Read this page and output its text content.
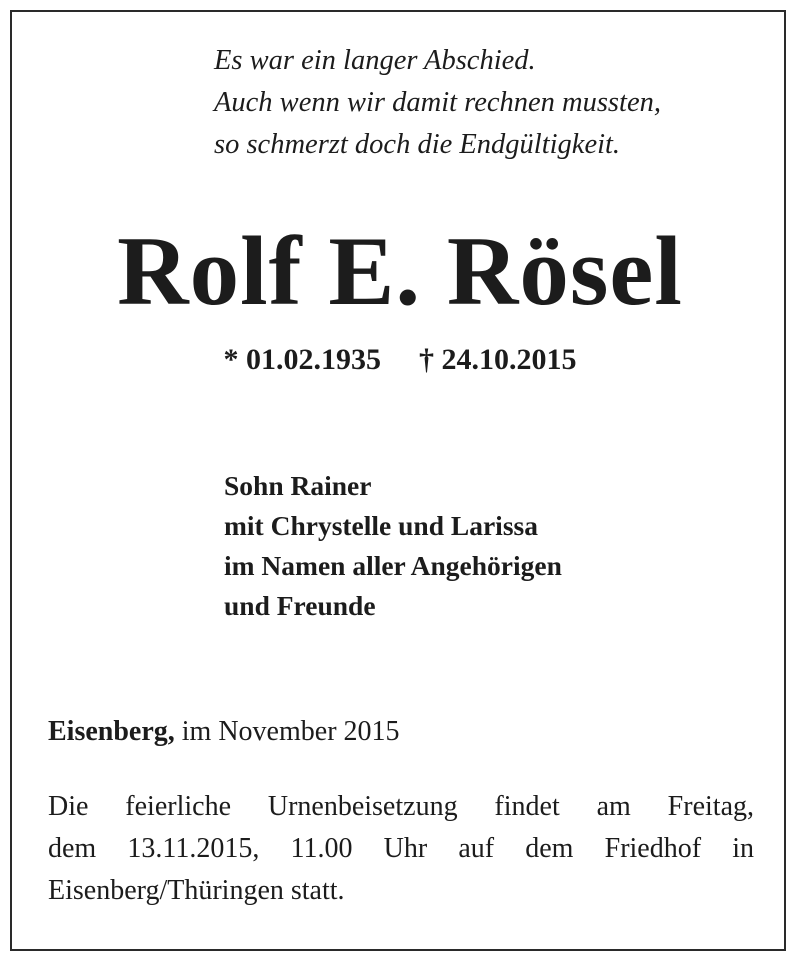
Es war ein langer Abschied.
Auch wenn wir damit rechnen mussten,
so schmerzt doch die Endgültigkeit.
Rolf E. Rösel
* 01.02.1935 † 24.10.2015
Sohn Rainer
mit Chrystelle und Larissa
im Namen aller Angehörigen
und Freunde
Eisenberg, im November 2015
Die feierliche Urnenbeisetzung findet am Freitag,
dem 13.11.2015, 11.00 Uhr auf dem Friedhof in
Eisenberg/Thüringen statt.
